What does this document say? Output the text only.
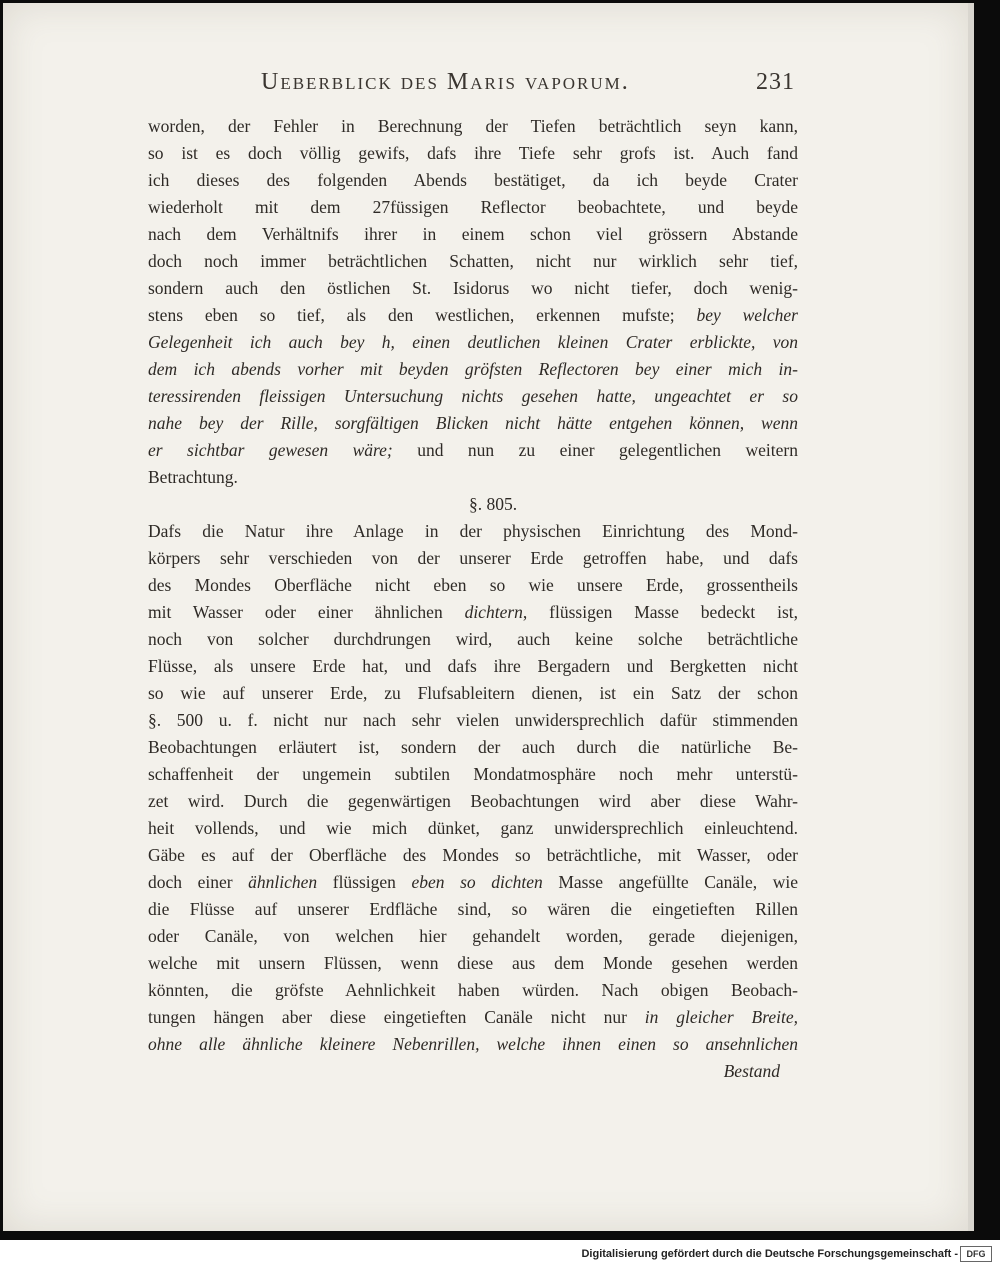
Ueberblick des Maris vaporum.	231
worden, der Fehler in Berechnung der Tiefen beträchtlich seyn kann,
so ist es doch völlig gewifs, dafs ihre Tiefe sehr grofs ist. Auch fand
ich dieses des folgenden Abends bestätiget, da ich beyde Crater
wiederholt mit dem 27füssigen Reflector beobachtete, und beyde
nach dem Verhältnifs ihrer in einem schon viel grössern Abstande
doch noch immer beträchtlichen Schatten, nicht nur wirklich sehr tief,
sondern auch den östlichen St. Isidorus wo nicht tiefer, doch wenig-
stens eben so tief, als den westlichen, erkennen mufste; bey welcher
Gelegenheit ich auch bey h, einen deutlichen kleinen Crater erblickte, von
dem ich abends vorher mit beyden gröfsten Reflectoren bey einer mich in-
teressirenden fleissigen Untersuchung nichts gesehen hatte, ungeachtet er so
nahe bey der Rille, sorgfältigen Blicken nicht hätte entgehen können, wenn
er sichtbar gewesen wäre; und nun zu einer gelegentlichen weitern
Betrachtung.
§. 805.
Dafs die Natur ihre Anlage in der physischen Einrichtung des Mond-
körpers sehr verschieden von der unserer Erde getroffen habe, und dafs
des Mondes Oberfläche nicht eben so wie unsere Erde, grossentheils
mit Wasser oder einer ähnlichen dichtern, flüssigen Masse bedeckt ist,
noch von solcher durchdrungen wird, auch keine solche beträchtliche
Flüsse, als unsere Erde hat, und dafs ihre Bergadern und Bergketten nicht
so wie auf unserer Erde, zu Flufsableitern dienen, ist ein Satz der schon
§. 500 u. f. nicht nur nach sehr vielen unwidersprechlich dafür stimmenden
Beobachtungen erläutert ist, sondern der auch durch die natürliche Be-
schaffenheit der ungemein subtilen Mondatmosphäre noch mehr unterstü-
zet wird. Durch die gegenwärtigen Beobachtungen wird aber diese Wahr-
heit vollends, und wie mich dünket, ganz unwidersprechlich einleuchtend.
Gäbe es auf der Oberfläche des Mondes so beträchtliche, mit Wasser, oder
doch einer ähnlichen flüssigen eben so dichten Masse angefüllte Canäle, wie
die Flüsse auf unserer Erdfläche sind, so wären die eingetieften Rillen
oder Canäle, von welchen hier gehandelt worden, gerade diejenigen,
welche mit unsern Flüssen, wenn diese aus dem Monde gesehen werden
könnten, die gröfste Aehnlichkeit haben würden. Nach obigen Beobach-
tungen hängen aber diese eingetieften Canäle nicht nur in gleicher Breite,
ohne alle ähnliche kleinere Nebenrillen, welche ihnen einen so ansehnlichen
Bestand
Digitalisierung gefördert durch die Deutsche Forschungsgemeinschaft - DFG
